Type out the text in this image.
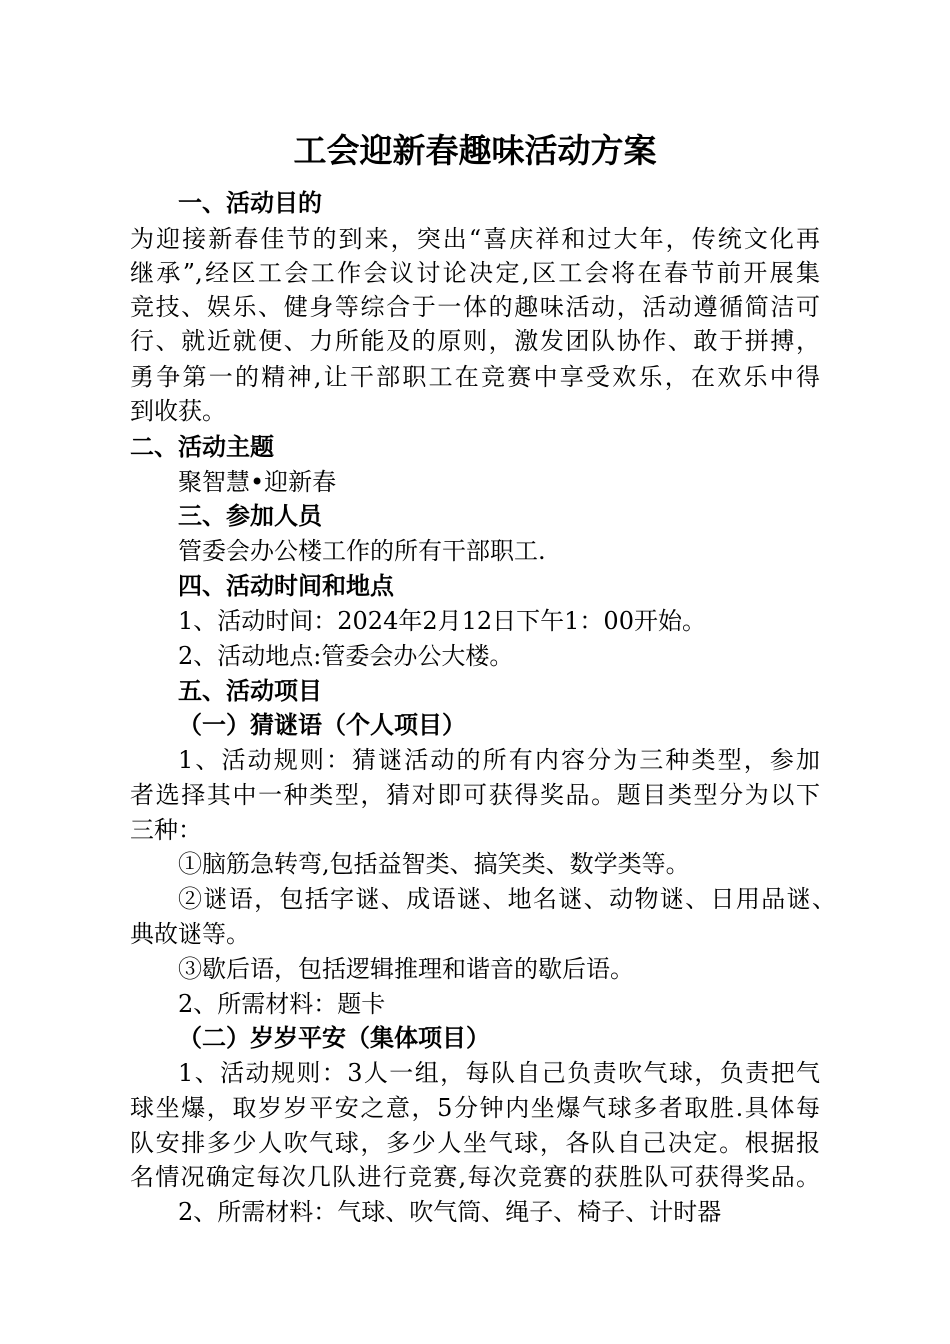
工会迎新春趣味活动方案
一、活动目的
为迎接新春佳节的到来，突出“喜庆祥和过大年，传统文化再
继承”,经区工会工作会议讨论决定,区工会将在春节前开展集
竞技、娱乐、健身等综合于一体的趣味活动，活动遵循简洁可
行、就近就便、力所能及的原则，激发团队协作、敢于拼搏，
勇争第一的精神,让干部职工在竞赛中享受欢乐，在欢乐中得
到收获。
二、活动主题
聚智慧•迎新春
三、参加人员
管委会办公楼工作的所有干部职工.
四、活动时间和地点
1、活动时间：2024年2月12日下午1：00开始。
2、活动地点:管委会办公大楼。
五、活动项目
（一）猜谜语（个人项目）
1、活动规则：猜谜活动的所有内容分为三种类型，参加
者选择其中一种类型，猜对即可获得奖品。题目类型分为以下
三种：
①脑筋急转弯,包括益智类、搞笑类、数学类等。
②谜语，包括字谜、成语谜、地名谜、动物谜、日用品谜、
典故谜等。
③歇后语，包括逻辑推理和谐音的歇后语。
2、所需材料：题卡
（二）岁岁平安（集体项目）
1、活动规则：3人一组，每队自己负责吹气球，负责把气
球坐爆，取岁岁平安之意，5分钟内坐爆气球多者取胜.具体每
队安排多少人吹气球，多少人坐气球，各队自己决定。根据报
名情况确定每次几队进行竞赛,每次竞赛的获胜队可获得奖品。
2、所需材料：气球、吹气筒、绳子、椅子、计时器
